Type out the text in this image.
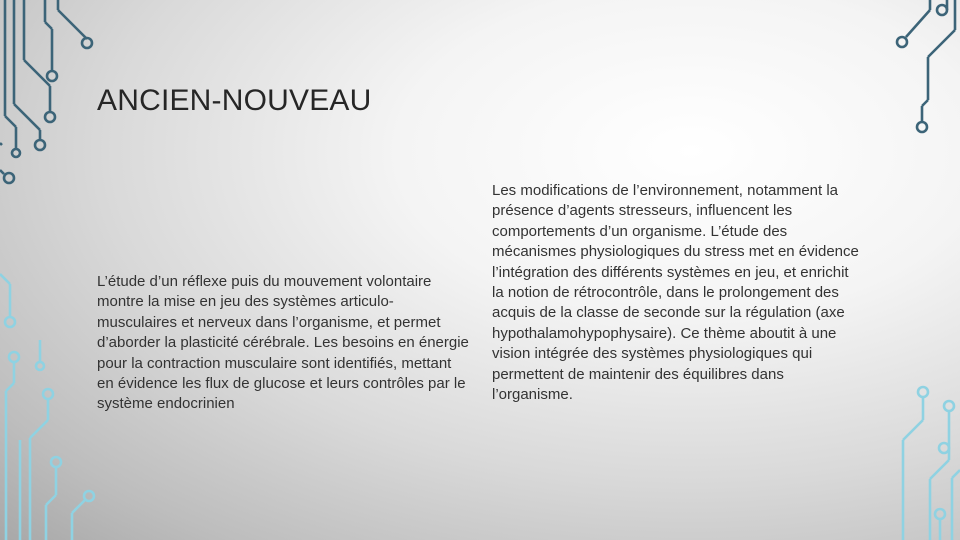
ANCIEN-NOUVEAU
L’étude d’un réflexe puis du mouvement volontaire montre la mise en jeu des systèmes articulo-musculaires et nerveux dans l’organisme, et permet d’aborder la plasticité cérébrale. Les besoins en énergie pour la contraction musculaire sont identifiés, mettant en évidence les flux de glucose et leurs contrôles par le système endocrinien
Les modifications de l’environnement, notamment la présence d’agents stresseurs, influencent les comportements d’un organisme. L’étude des mécanismes physiologiques du stress met en évidence l’intégration des différents systèmes en jeu, et enrichit la notion de rétrocontrôle, dans le prolongement des acquis de la classe de seconde sur la régulation (axe hypothalamohypophysaire). Ce thème aboutit à une vision intégrée des systèmes physiologiques qui permettent de maintenir des équilibres dans l’organisme.
